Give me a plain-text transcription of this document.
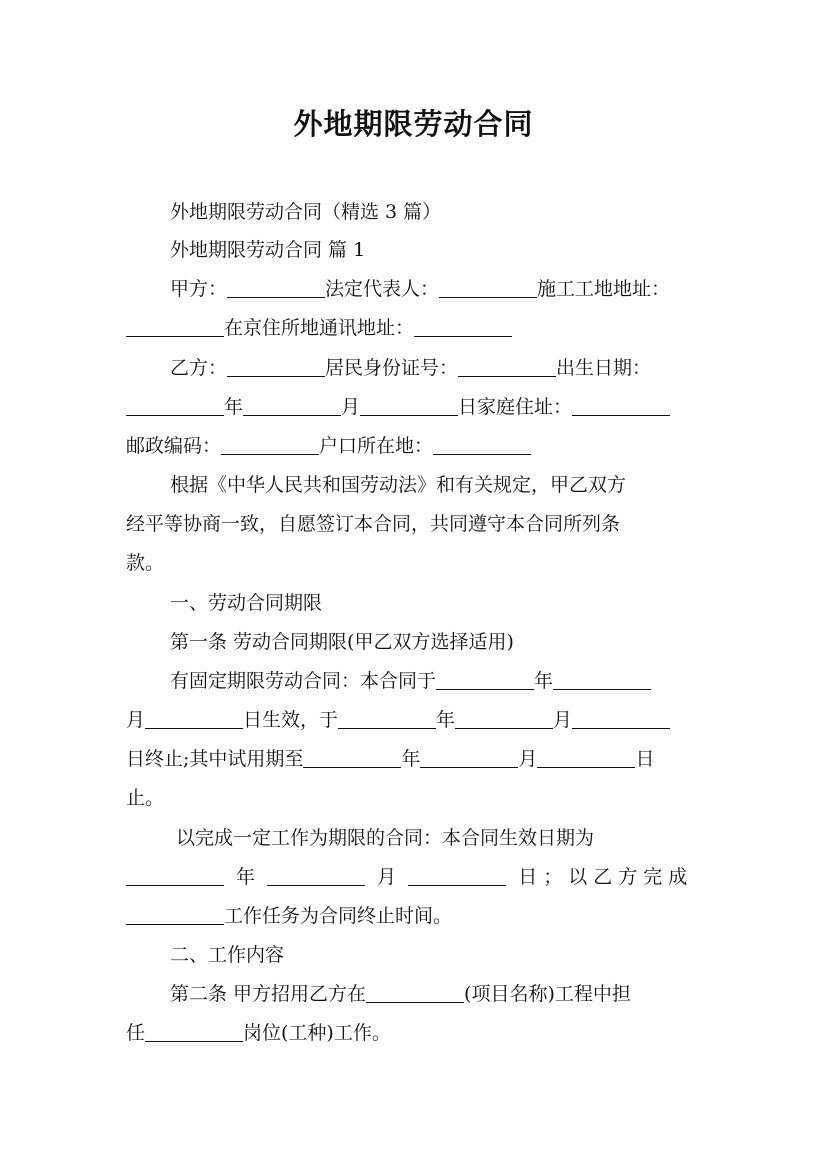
外地期限劳动合同
外地期限劳动合同（精选 3 篇）
外地期限劳动合同 篇 1
甲方：	法定代表人：	施工工地地址：
在京住所地通讯地址：
乙方：	居民身份证号：	出生日期：
年	月	日家庭住址：
邮政编码：	户口所在地：
根据《中华人民共和国劳动法》和有关规定，甲乙双方
经平等协商一致，自愿签订本合同，共同遵守本合同所列条
款。
一、劳动合同期限
第一条 劳动合同期限(甲乙双方选择适用)
有固定期限劳动合同：本合同于	年
月	日生效，于	年	月
日终止;其中试用期至	年	月	日
止。
以完成一定工作为期限的合同：本合同生效日期为
年	月	日；以乙方完成
工作任务为合同终止时间。
二、工作内容
第二条 甲方招用乙方在	(项目名称)工程中担
任	岗位(工种)工作。
